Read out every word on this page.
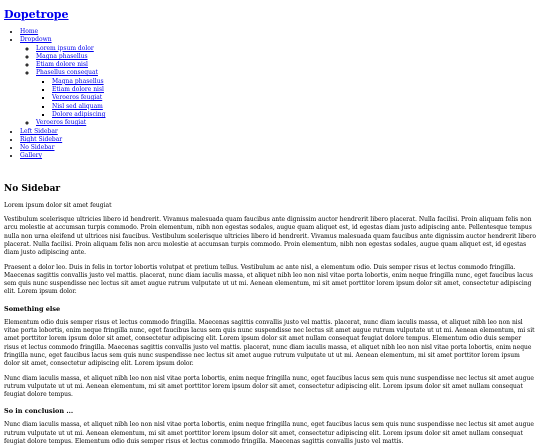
Dopetrope
• Home
• Dropdown
◦ Lorem ipsum dolor
◦ Magna phasellus
◦ Etiam dolore nisl
◦ Phasellus consequat
▪ Magna phasellus
▪ Etiam dolore nisl
▪ Veroeros feugiat
▪ Nisl sed aliquam
▪ Dolore adipiscing
◦ Veroeros feugiat
• Left Sidebar
• Right Sidebar
• No Sidebar
• Gallery
No Sidebar

Lorem ipsum dolor sit amet feugiat

Vestibulum scelerisque ultricies libero id hendrerit. Vivamus malesuada quam faucibus ante dignissim auctor hendrerit libero placerat. Nulla facilisi. Proin aliquam felis non arcu molestie at accumsan turpis commodo. Proin elementum, nibh non egestas sodales, augue quam aliquet est, id egestas diam justo adipiscing ante. Pellentesque tempus nulla non urna eleifend ut ultrices nisi faucibus. Vestibulum scelerisque ultricies libero id hendrerit. Vivamus malesuada quam faucibus ante dignissim auctor hendrerit libero placerat. Nulla facilisi. Proin aliquam felis non arcu molestie at accumsan turpis commodo. Proin elementum, nibh non egestas sodales, augue quam aliquet est, id egestas diam justo adipiscing ante.

Praesent a dolor leo. Duis in felis in tortor lobortis volutpat et pretium tellus. Vestibulum ac ante nisl, a elementum odio. Duis semper risus et lectus commodo fringilla. Maecenas sagittis convallis justo vel mattis. placerat, nunc diam iaculis massa, et aliquet nibh leo non nisl vitae porta lobortis, enim neque fringilla nunc, eget faucibus lacus sem quis nunc suspendisse nec lectus sit amet augue rutrum vulputate ut ut mi. Aenean elementum, mi sit amet porttitor lorem ipsum dolor sit amet, consectetur adipiscing elit. Lorem ipsum dolor.

Something else

Elementum odio duis semper risus et lectus commodo fringilla. Maecenas sagittis convallis justo vel mattis. placerat, nunc diam iaculis massa, et aliquet nibh leo non nisl vitae porta lobortis, enim neque fringilla nunc, eget faucibus lacus sem quis nunc suspendisse nec lectus sit amet augue rutrum vulputate ut ut mi. Aenean elementum, mi sit amet porttitor lorem ipsum dolor sit amet, consectetur adipiscing elit. Lorem ipsum dolor sit amet nullam consequat feugiat dolore tempus. Elementum odio duis semper risus et lectus commodo fringilla. Maecenas sagittis convallis justo vel mattis. placerat, nunc diam iaculis massa, et aliquet nibh leo non nisl vitae porta lobortis, enim neque fringilla nunc, eget faucibus lacus sem quis nunc suspendisse nec lectus sit amet augue rutrum vulputate ut ut mi. Aenean elementum, mi sit amet porttitor lorem ipsum dolor sit amet, consectetur adipiscing elit. Lorem ipsum dolor.

Nunc diam iaculis massa, et aliquet nibh leo non nisl vitae porta lobortis, enim neque fringilla nunc, eget faucibus lacus sem quis nunc suspendisse nec lectus sit amet augue rutrum vulputate ut ut mi. Aenean elementum, mi sit amet porttitor lorem ipsum dolor sit amet, consectetur adipiscing elit. Lorem ipsum dolor sit amet nullam consequat feugiat dolore tempus.

So in conclusion ...

Nunc diam iaculis massa, et aliquet nibh leo non nisl vitae porta lobortis, enim neque fringilla nunc, eget faucibus lacus sem quis nunc suspendisse nec lectus sit amet augue rutrum vulputate ut ut mi. Aenean elementum, mi sit amet porttitor lorem ipsum dolor sit amet, consectetur adipiscing elit. Lorem ipsum dolor sit amet nullam consequat feugiat dolore tempus. Elementum odio duis semper risus et lectus commodo fringilla. Maecenas sagittis convallis justo vel mattis.
